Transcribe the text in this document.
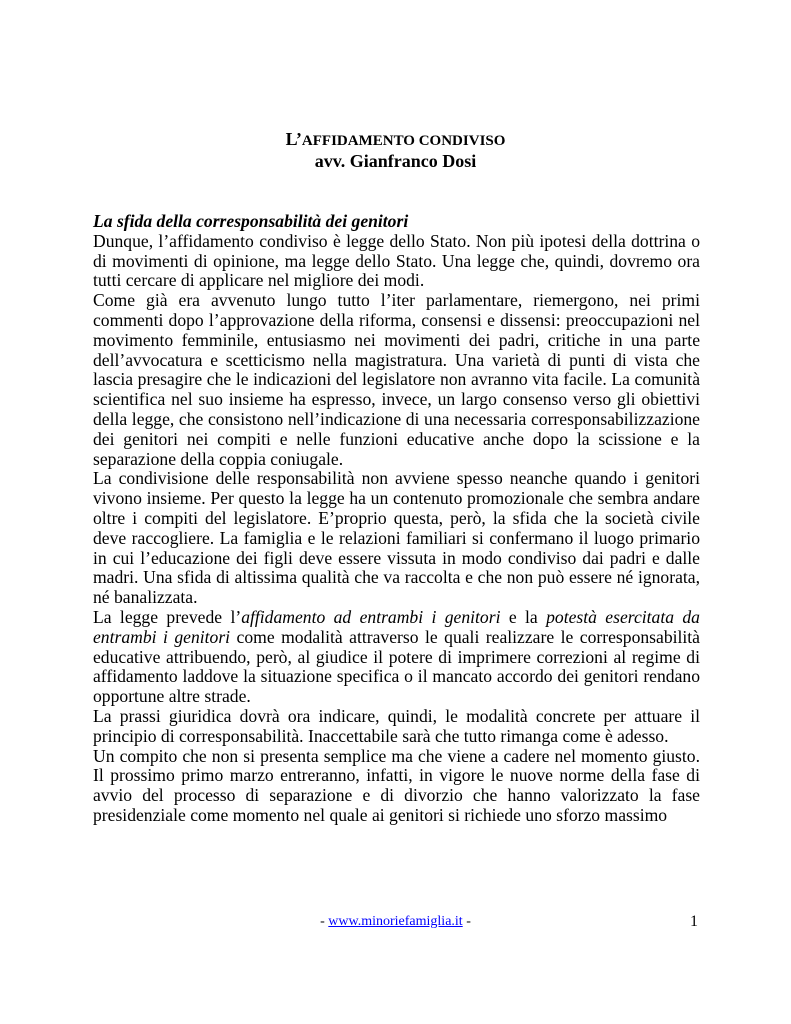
L’AFFIDAMENTO CONDIVISO
avv. Gianfranco Dosi
La sfida della corresponsabilità dei genitori

Dunque, l’affidamento condiviso è legge dello Stato. Non più ipotesi della dottrina o di movimenti di opinione, ma legge dello Stato. Una legge che, quindi, dovremo ora tutti cercare di applicare nel migliore dei modi.

Come già era avvenuto lungo tutto l’iter parlamentare, riemergono, nei primi commenti dopo l’approvazione della riforma, consensi e dissensi: preoccupazioni nel movimento femminile, entusiasmo nei movimenti dei padri, critiche in una parte dell’avvocatura e scetticismo nella magistratura. Una varietà di punti di vista che lascia presagire che le indicazioni del legislatore non avranno vita facile. La comunità scientifica nel suo insieme ha espresso, invece, un largo consenso verso gli obiettivi della legge, che consistono nell’indicazione di una necessaria corresponsabilizzazione dei genitori nei compiti e nelle funzioni educative anche dopo la scissione e la separazione della coppia coniugale.

La condivisione delle responsabilità non avviene spesso neanche quando i genitori vivono insieme. Per questo la legge ha un contenuto promozionale che sembra andare oltre i compiti del legislatore. E’proprio questa, però, la sfida che la società civile deve raccogliere. La famiglia e le relazioni familiari si confermano il luogo primario in cui l’educazione dei figli deve essere vissuta in modo condiviso dai padri e dalle madri. Una sfida di altissima qualità che va raccolta e che non può essere né ignorata, né banalizzata.

La legge prevede l’affidamento ad entrambi i genitori e la potestà esercitata da entrambi i genitori come modalità attraverso le quali realizzare le corresponsabilità educative attribuendo, però, al giudice il potere di imprimere correzioni al regime di affidamento laddove la situazione specifica o il mancato accordo dei genitori rendano opportune altre strade.

La prassi giuridica dovrà ora indicare, quindi, le modalità concrete per attuare il principio di corresponsabilità. Inaccettabile sarà che tutto rimanga come è adesso.

Un compito che non si presenta semplice ma che viene a cadere nel momento giusto. Il prossimo primo marzo entreranno, infatti, in vigore le nuove norme della fase di avvio del processo di separazione e di divorzio che hanno valorizzato la fase presidenziale come momento nel quale ai genitori si richiede uno sforzo massimo

- www.minoriefamiglia.it -	1
